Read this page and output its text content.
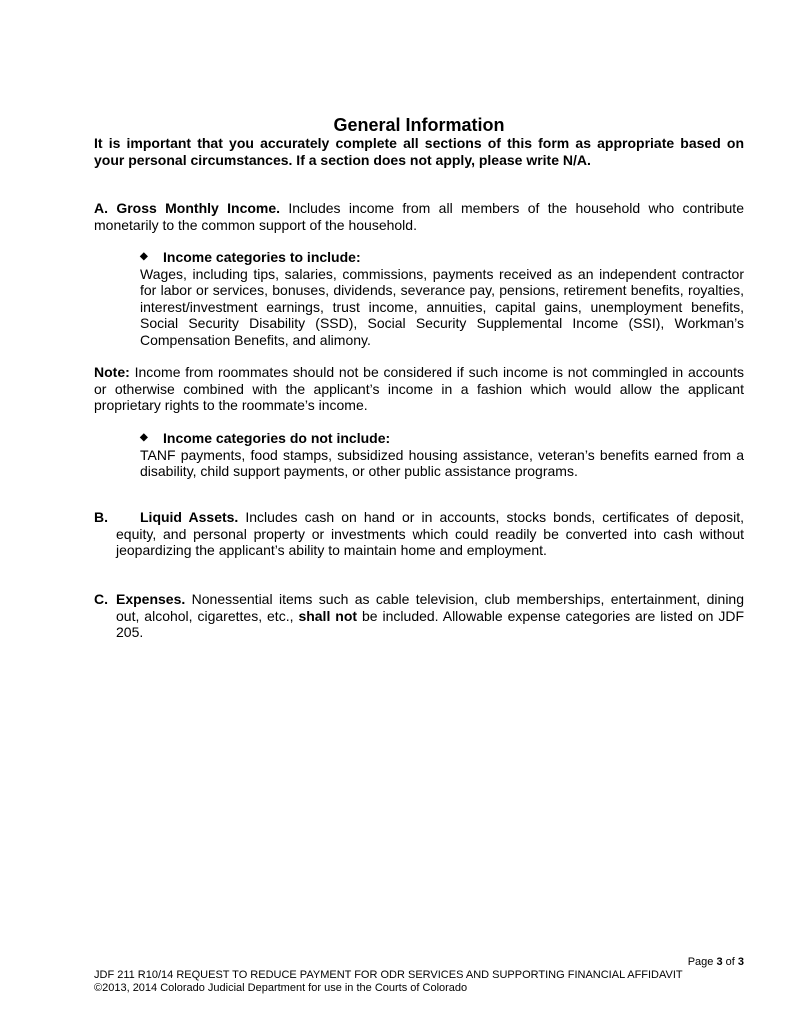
General Information
It is important that you accurately complete all sections of this form as appropriate based on your personal circumstances. If a section does not apply, please write N/A.
A. Gross Monthly Income. Includes income from all members of the household who contribute monetarily to the common support of the household.
◆ Income categories to include:
Wages, including tips, salaries, commissions, payments received as an independent contractor for labor or services, bonuses, dividends, severance pay, pensions, retirement benefits, royalties, interest/investment earnings, trust income, annuities, capital gains, unemployment benefits, Social Security Disability (SSD), Social Security Supplemental Income (SSI), Workman’s Compensation Benefits, and alimony.
Note: Income from roommates should not be considered if such income is not commingled in accounts or otherwise combined with the applicant’s income in a fashion which would allow the applicant proprietary rights to the roommate’s income.
◆ Income categories do not include:
TANF payments, food stamps, subsidized housing assistance, veteran’s benefits earned from a disability, child support payments, or other public assistance programs.
B.	Liquid Assets. Includes cash on hand or in accounts, stocks bonds, certificates of deposit, equity, and personal property or investments which could readily be converted into cash without jeopardizing the applicant’s ability to maintain home and employment.
C. Expenses. Nonessential items such as cable television, club memberships, entertainment, dining out, alcohol, cigarettes, etc., shall not be included. Allowable expense categories are listed on JDF 205.
Page 3 of 3
JDF 211 R10/14 REQUEST TO REDUCE PAYMENT FOR ODR SERVICES AND SUPPORTING FINANCIAL AFFIDAVIT
©2013, 2014 Colorado Judicial Department for use in the Courts of Colorado
